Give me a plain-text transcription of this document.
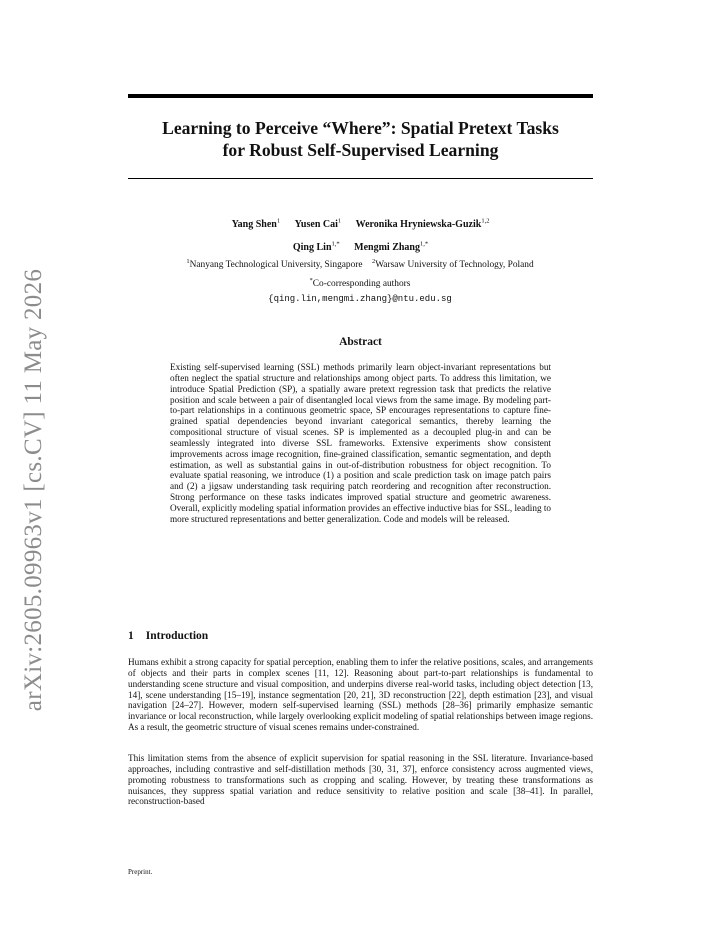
arXiv:2605.09963v1 [cs.CV] 11 May 2026
Learning to Perceive “Where”: Spatial Pretext Tasks
for Robust Self-Supervised Learning
Yang Shen$^1$ Yusen Cai$^1$ Weronika Hryniewska-Guzik$^{1,2}$
Qing Lin$^{1,*}$ Mengmi Zhang$^{1,*}$
$^1$Nanyang Technological University, Singapore $^2$Warsaw University of Technology, Poland
*Co-corresponding authors
{qing.lin,mengmi.zhang}@ntu.edu.sg
Abstract
Existing self-supervised learning (SSL) methods primarily learn object-invariant representations but often neglect the spatial structure and relationships among object parts. To address this limitation, we introduce Spatial Prediction (SP), a spatially aware pretext regression task that predicts the relative position and scale between a pair of disentangled local views from the same image. By modeling part-to-part relationships in a continuous geometric space, SP encourages representations to capture fine-grained spatial dependencies beyond invariant categorical semantics, thereby learning the compositional structure of visual scenes. SP is implemented as a decoupled plug-in and can be seamlessly integrated into diverse SSL frameworks. Extensive experiments show consistent improvements across image recognition, fine-grained classification, semantic segmentation, and depth estimation, as well as substantial gains in out-of-distribution robustness for object recognition. To evaluate spatial reasoning, we introduce (1) a position and scale prediction task on image patch pairs and (2) a jigsaw understanding task requiring patch reordering and recognition after reconstruction. Strong performance on these tasks indicates improved spatial structure and geometric awareness. Overall, explicitly modeling spatial information provides an effective inductive bias for SSL, leading to more structured representations and better generalization. Code and models will be released.
1 Introduction
Humans exhibit a strong capacity for spatial perception, enabling them to infer the relative positions, scales, and arrangements of objects and their parts in complex scenes [11, 12]. Reasoning about part-to-part relationships is fundamental to understanding scene structure and visual composition, and underpins diverse real-world tasks, including object detection [13, 14], scene understanding [15–19], instance segmentation [20, 21], 3D reconstruction [22], depth estimation [23], and visual navigation [24–27]. However, modern self-supervised learning (SSL) methods [28–36] primarily emphasize semantic invariance or local reconstruction, while largely overlooking explicit modeling of spatial relationships between image regions. As a result, the geometric structure of visual scenes remains under-constrained.
This limitation stems from the absence of explicit supervision for spatial reasoning in the SSL literature. Invariance-based approaches, including contrastive and self-distillation methods [30, 31, 37], enforce consistency across augmented views, promoting robustness to transformations such as cropping and scaling. However, by treating these transformations as nuisances, they suppress spatial variation and reduce sensitivity to relative position and scale [38–41]. In parallel, reconstruction-based
Preprint.
